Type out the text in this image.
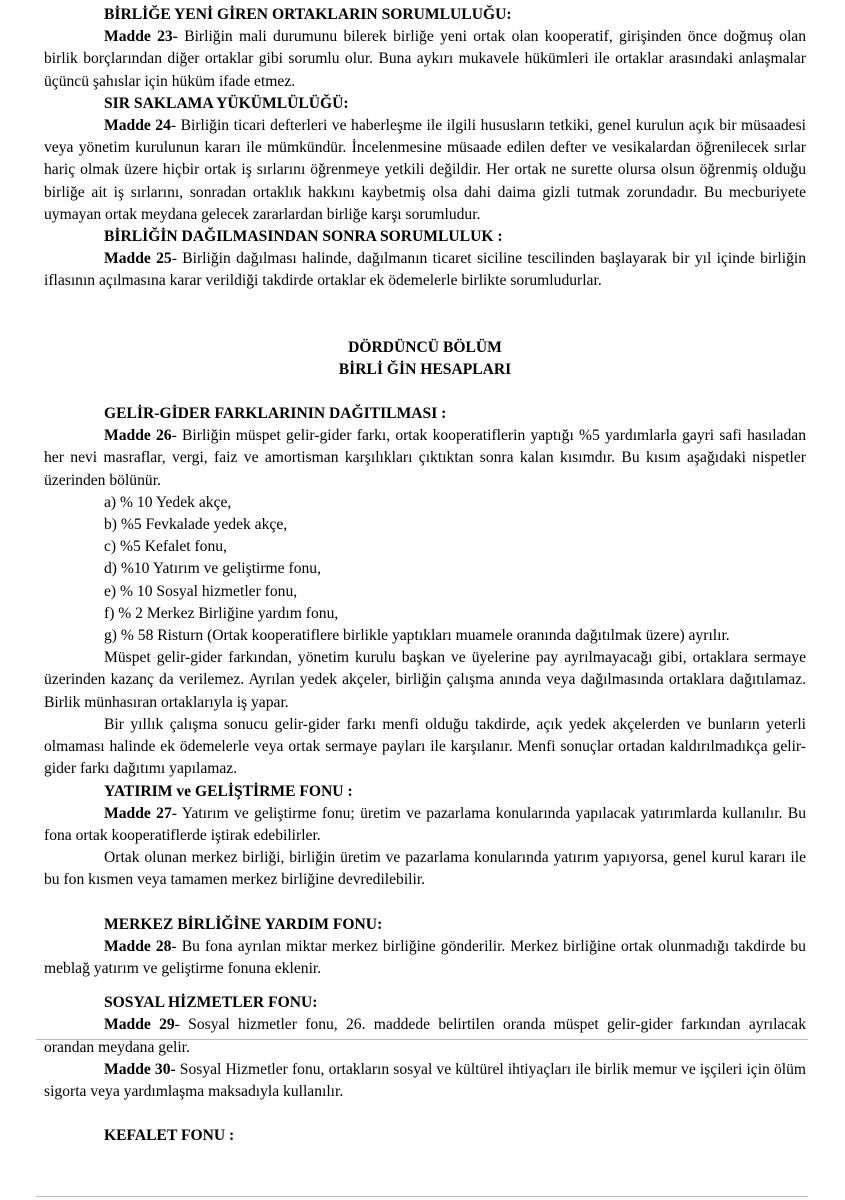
BİRLİĞE YENİ GİREN ORTAKLARIN SORUMLULUĞU:

Madde 23- Birliğin mali durumunu bilerek birliğe yeni ortak olan kooperatif, girişinden önce doğmuş olan birlik borçlarından diğer ortaklar gibi sorumlu olur. Buna aykırı mukavele hükümleri ile ortaklar arasındaki anlaşmalar üçüncü şahıslar için hüküm ifade etmez.

SIR SAKLAMA YÜKÜMLÜLÜĞÜ:

Madde 24- Birliğin ticari defterleri ve haberleşme ile ilgili hususların tetkiki, genel kurulun açık bir müsaadesi veya yönetim kurulunun kararı ile mümkündür. İncelenmesine müsaade edilen defter ve vesikalardan öğrenilecek sırlar hariç olmak üzere hiçbir ortak iş sırlarını öğrenmeye yetkili değildir. Her ortak ne surette olursa olsun öğrenmiş olduğu birliğe ait iş sırlarını, sonradan ortaklık hakkını kaybetmiş olsa dahi daima gizli tutmak zorundadır. Bu mecburiyete uymayan ortak meydana gelecek zararlardan birliğe karşı sorumludur.

BİRLİĞİN DAĞILMASINDAN SONRA SORUMLULUK :

Madde 25- Birliğin dağılması halinde, dağılmanın ticaret siciline tescilinden başlayarak bir yıl içinde birliğin iflasının açılmasına karar verildiği takdirde ortaklar ek ödemelerle birlikte sorumludurlar.

DÖRDÜNCÜ BÖLÜM

BİRLİ ĞİN HESAPLARI

GELİR-GİDER FARKLARININ DAĞITILMASI :

Madde 26- Birliğin müspet gelir-gider farkı, ortak kooperatiflerin yaptığı %5 yardımlarla gayri safi hasıladan her nevi masraflar, vergi, faiz ve amortisman karşılıkları çıktıktan sonra kalan kısımdır. Bu kısım aşağıdaki nispetler üzerinden bölünür.

a) % 10 Yedek akçe,

b) %5 Fevkalade yedek akçe,

c) %5 Kefalet fonu,

d) %10 Yatırım ve geliştirme fonu,

e) % 10 Sosyal hizmetler fonu,

f) % 2 Merkez Birliğine yardım fonu,

g) % 58 Risturn (Ortak kooperatiflere birlikle yaptıkları muamele oranında dağıtılmak üzere) ayrılır.

Müspet gelir-gider farkından, yönetim kurulu başkan ve üyelerine pay ayrılmayacağı gibi, ortaklara sermaye üzerinden kazanç da verilemez. Ayrılan yedek akçeler, birliğin çalışma anında veya dağılmasında ortaklara dağıtılamaz. Birlik münhasıran ortaklarıyla iş yapar.

Bir yıllık çalışma sonucu gelir-gider farkı menfi olduğu takdirde, açık yedek akçelerden ve bunların yeterli olmaması halinde ek ödemelerle veya ortak sermaye payları ile karşılanır. Menfi sonuçlar ortadan kaldırılmadıkça gelir-gider farkı dağıtımı yapılamaz.

YATIRIM ve GELİŞTİRME FONU :

Madde 27- Yatırım ve geliştirme fonu; üretim ve pazarlama konularında yapılacak yatırımlarda kullanılır. Bu fona ortak kooperatiflerde iştirak edebilirler.

Ortak olunan merkez birliği, birliğin üretim ve pazarlama konularında yatırım yapıyorsa, genel kurul kararı ile bu fon kısmen veya tamamen merkez birliğine devredilebilir.

MERKEZ BİRLİĞİNE YARDIM FONU:

Madde 28- Bu fona ayrılan miktar merkez birliğine gönderilir. Merkez birliğine ortak olunmadığı takdirde bu meblağ yatırım ve geliştirme fonuna eklenir.

SOSYAL HİZMETLER FONU:

Madde 29- Sosyal hizmetler fonu, 26. maddede belirtilen oranda müspet gelir-gider farkından ayrılacak orandan meydana gelir.

Madde 30- Sosyal Hizmetler fonu, ortakların sosyal ve kültürel ihtiyaçları ile birlik memur ve işçileri için ölüm sigorta veya yardımlaşma maksadıyla kullanılır.

KEFALET FONU :
